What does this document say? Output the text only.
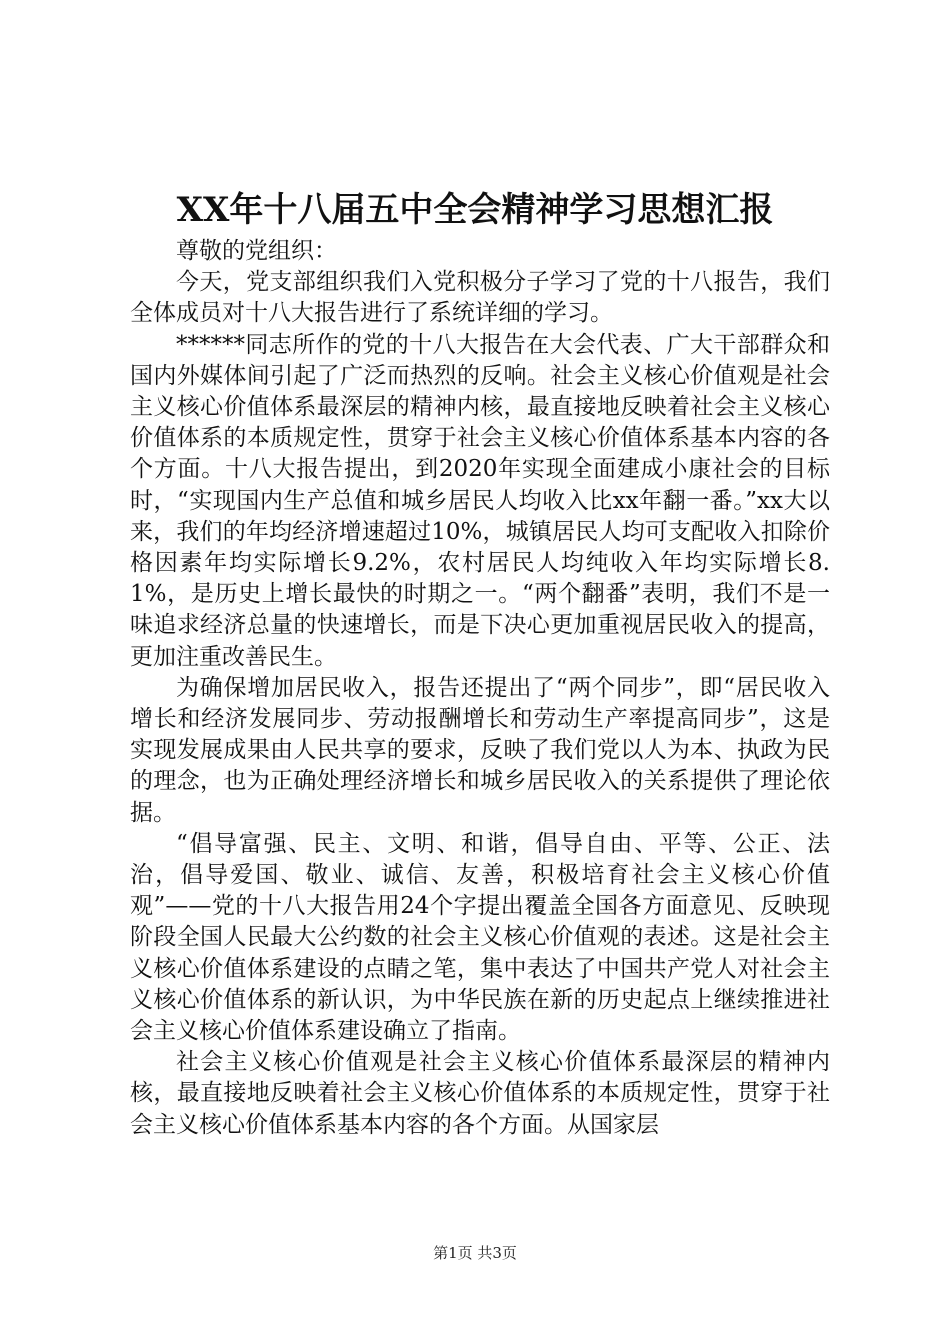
XX年十八届五中全会精神学习思想汇报

尊敬的党组织：

今天，党支部组织我们入党积极分子学习了党的十八报告，我们全体成员对十八大报告进行了系统详细的学习。

******同志所作的党的十八大报告在大会代表、广大干部群众和国内外媒体间引起了广泛而热烈的反响。社会主义核心价值观是社会主义核心价值体系最深层的精神内核，最直接地反映着社会主义核心价值体系的本质规定性，贯穿于社会主义核心价值体系基本内容的各个方面。十八大报告提出，到2020年实现全面建成小康社会的目标时，“实现国内生产总值和城乡居民人均收入比xx年翻一番。”xx大以来，我们的年均经济增速超过10%，城镇居民人均可支配收入扣除价格因素年均实际增长9.2%，农村居民人均纯收入年均实际增长8.1%，是历史上增长最快的时期之一。“两个翻番”表明，我们不是一味追求经济总量的快速增长，而是下决心更加重视居民收入的提高，更加注重改善民生。

为确保增加居民收入，报告还提出了“两个同步”，即“居民收入增长和经济发展同步、劳动报酬增长和劳动生产率提高同步”，这是实现发展成果由人民共享的要求，反映了我们党以人为本、执政为民的理念，也为正确处理经济增长和城乡居民收入的关系提供了理论依据。

“倡导富强、民主、文明、和谐，倡导自由、平等、公正、法治，倡导爱国、敬业、诚信、友善，积极培育社会主义核心价值观”——党的十八大报告用24个字提出覆盖全国各方面意见、反映现阶段全国人民最大公约数的社会主义核心价值观的表述。这是社会主义核心价值体系建设的点睛之笔，集中表达了中国共产党人对社会主义核心价值体系的新认识，为中华民族在新的历史起点上继续推进社会主义核心价值体系建设确立了指南。

社会主义核心价值观是社会主义核心价值体系最深层的精神内核，最直接地反映着社会主义核心价值体系的本质规定性，贯穿于社会主义核心价值体系基本内容的各个方面。从国家层

第1页 共3页
